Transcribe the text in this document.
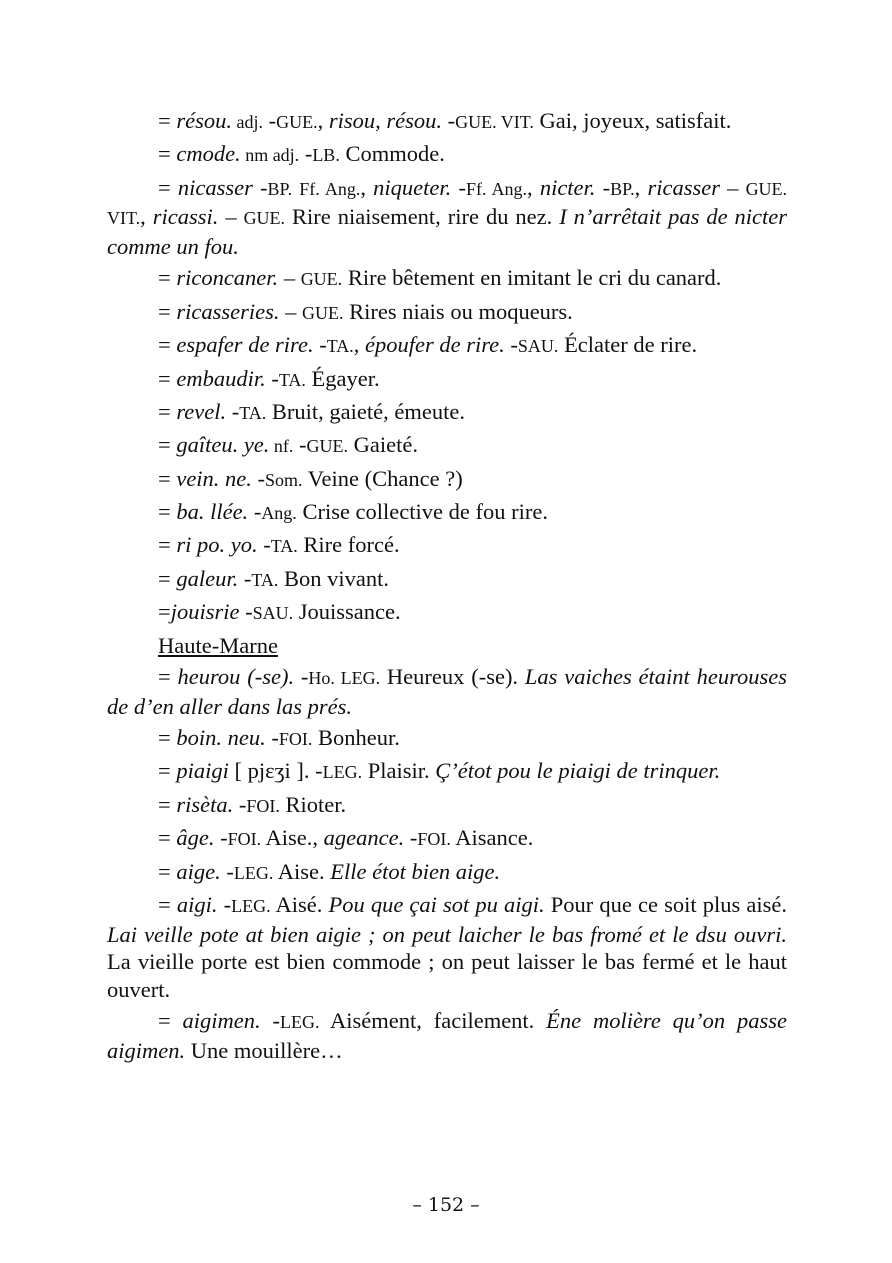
= résou. adj. -GUE., risou, résou. -GUE. VIT. Gai, joyeux, satisfait.
= cmode. nm adj. -LB. Commode.
= nicasser -BP. Ff. Ang., niqueter. -Ff. Ang., nicter. -BP., ricasser – GUE. VIT., ricassi. – GUE. Rire niaisement, rire du nez. I n’arrêtait pas de nicter comme un fou.
= riconcaner. – GUE. Rire bêtement en imitant le cri du canard.
= ricasseries. – GUE. Rires niais ou moqueurs.
= espafer de rire. -TA., époufer de rire. -SAU. Éclater de rire.
= embaudir. -TA. Égayer.
= revel. -TA. Bruit, gaieté, émeute.
= gaîteu. ye. nf. -GUE. Gaieté.
= vein. ne. -Som. Veine (Chance ?)
= ba. llée. -Ang. Crise collective de fou rire.
= ri po. yo. -TA. Rire forcé.
= galeur. -TA. Bon vivant.
=jouisrie -SAU. Jouissance.
Haute-Marne
= heurou (-se). -Ho. LEG. Heureux (-se). Las vaiches étaint heurouses de d’en aller dans las prés.
= boin. neu. -FOI. Bonheur.
= piaigi [ pjɛʒi ]. -LEG. Plaisir. Ç’étot pou le piaigi de trinquer.
= risèta. -FOI. Rioter.
= âge. -FOI. Aise., ageance. -FOI. Aisance.
= aige. -LEG. Aise. Elle étot bien aige.
= aigi. -LEG. Aisé. Pou que çai sot pu aigi. Pour que ce soit plus aisé. Lai veille pote at bien aigie ; on peut laicher le bas fromé et le dsu ouvri. La vieille porte est bien commode ; on peut laisser le bas fermé et le haut ouvert.
= aigimen. -LEG. Aisément, facilement. Éne molière qu’on passe aigimen. Une mouillère…
– 152 –
